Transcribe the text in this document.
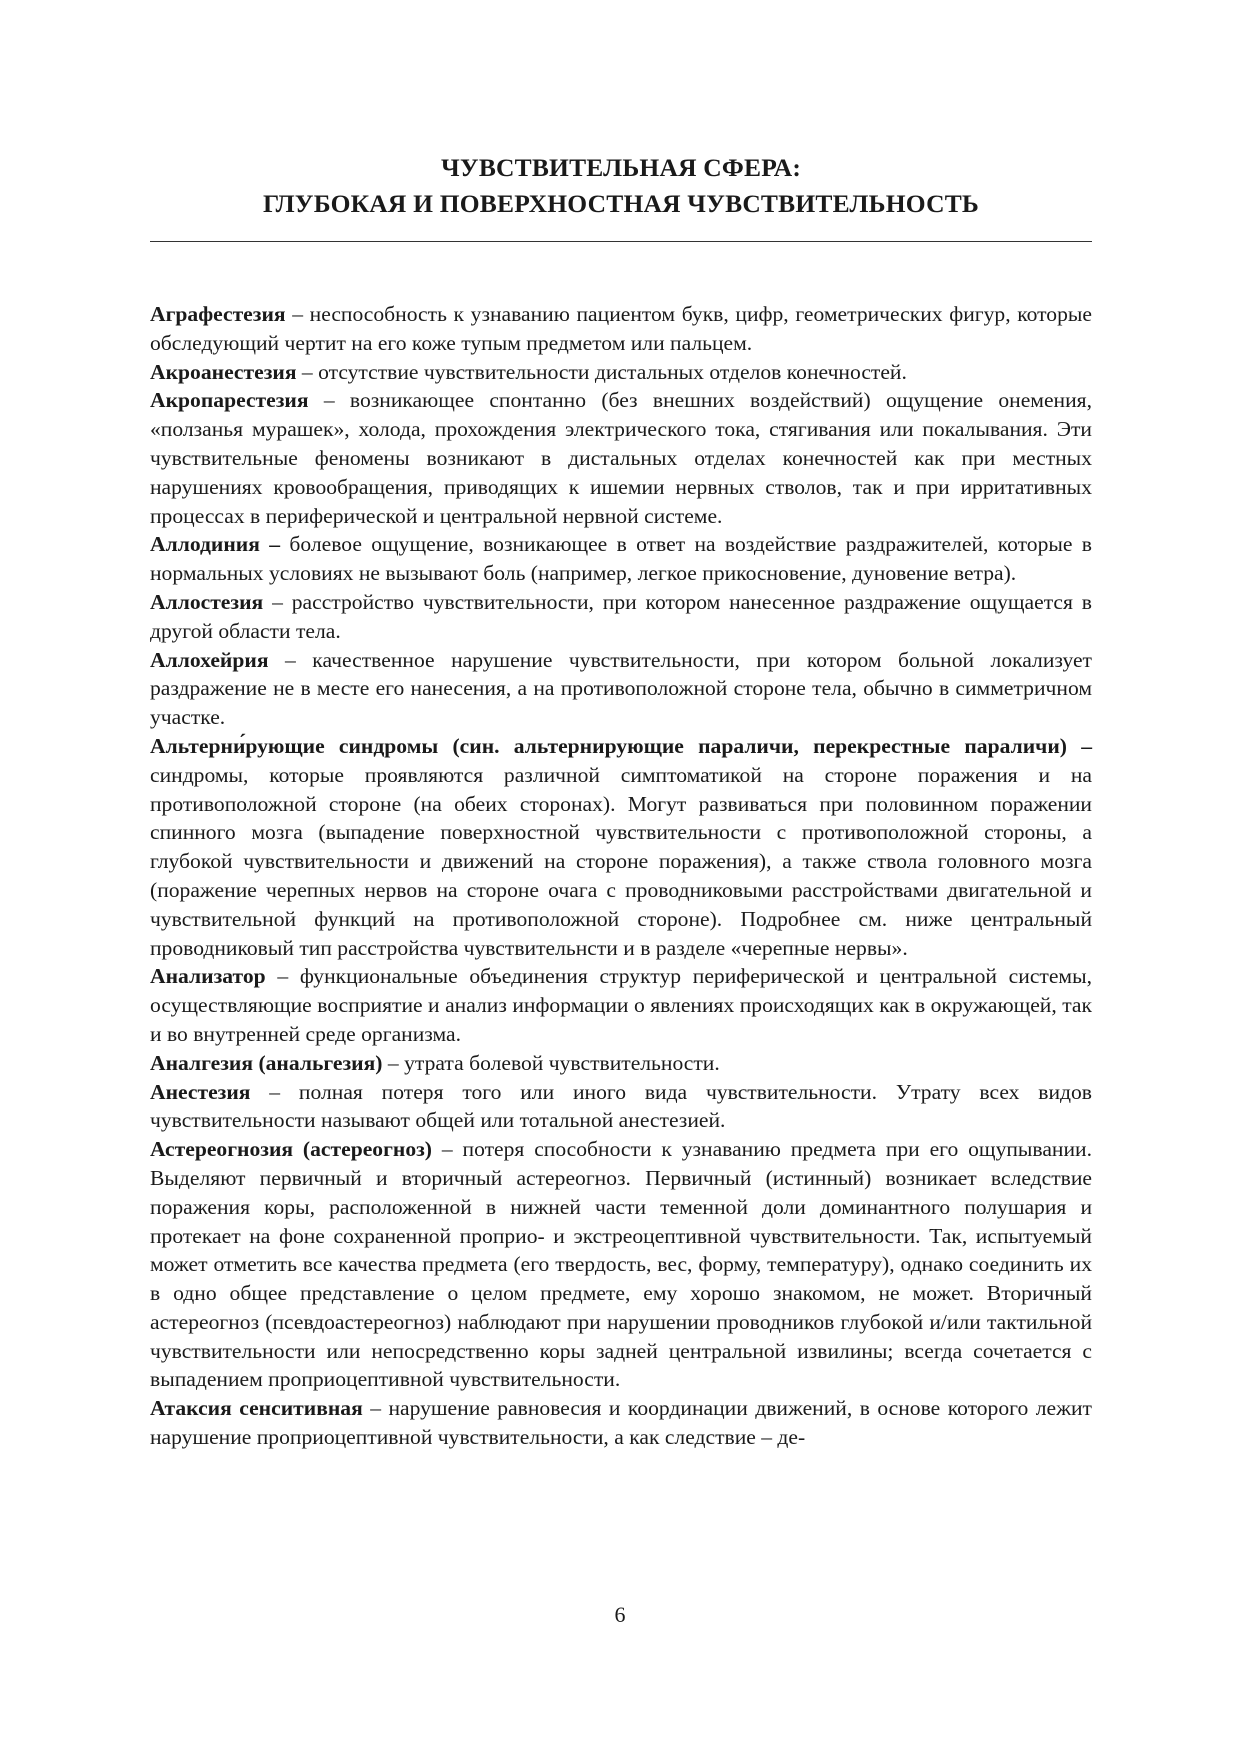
ЧУВСТВИТЕЛЬНАЯ СФЕРА:
ГЛУБОКАЯ И ПОВЕРХНОСТНАЯ ЧУВСТВИТЕЛЬНОСТЬ

Аграфестезия – неспособность к узнаванию пациентом букв, цифр, геометрических фигур, которые обследующий чертит на его коже тупым предметом или пальцем.

Акроанестезия – отсутствие чувствительности дистальных отделов конечностей.

Акропарестезия – возникающее спонтанно (без внешних воздействий) ощущение онемения, «ползанья мурашек», холода, прохождения электрического тока, стягивания или покалывания. Эти чувствительные феномены возникают в дистальных отделах конечностей как при местных нарушениях кровообращения, приводящих к ишемии нервных стволов, так и при ирритативных процессах в периферической и центральной нервной системе.

Аллодиния – болевое ощущение, возникающее в ответ на воздействие раздражителей, которые в нормальных условиях не вызывают боль (например, легкое прикосновение, дуновение ветра).

Аллостезия – расстройство чувствительности, при котором нанесенное раздражение ощущается в другой области тела.

Аллохейрия – качественное нарушение чувствительности, при котором больной локализует раздражение не в месте его нанесения, а на противоположной стороне тела, обычно в симметричном участке.

Альтерни́рующие синдромы (син. альтернирующие параличи, перекрестные параличи) – синдромы, которые проявляются различной симптоматикой на стороне поражения и на противоположной стороне (на обеих сторонах). Могут развиваться при половинном поражении спинного мозга (выпадение поверхностной чувствительности с противоположной стороны, а глубокой чувствительности и движений на стороне поражения), а также ствола головного мозга (поражение черепных нервов на стороне очага с проводниковыми расстройствами двигательной и чувствительной функций на противоположной стороне). Подробнее см. ниже центральный проводниковый тип расстройства чувствительнсти и в разделе «черепные нервы».

Анализатор – функциональные объединения структур периферической и центральной системы, осуществляющие восприятие и анализ информации о явлениях происходящих как в окружающей, так и во внутренней среде организма.

Аналгезия (анальгезия) – утрата болевой чувствительности.

Анестезия – полная потеря того или иного вида чувствительности. Утрату всех видов чувствительности называют общей или тотальной анестезией.

Астереогнозия (астереогноз) – потеря способности к узнаванию предмета при его ощупывании. Выделяют первичный и вторичный астереогноз. Первичный (истинный) возникает вследствие поражения коры, расположенной в нижней части теменной доли доминантного полушария и протекает на фоне сохраненной проприо- и экстреоцептивной чувствительности. Так, испытуемый может отметить все качества предмета (его твердость, вес, форму, температуру), однако соединить их в одно общее представление о целом предмете, ему хорошо знакомом, не может. Вторичный астереогноз (псевдоастереогноз) наблюдают при нарушении проводников глубокой и/или тактильной чувствительности или непосредственно коры задней центральной извилины; всегда сочетается с выпадением проприоцептивной чувствительности.

Атаксия сенситивная – нарушение равновесия и координации движений, в основе которого лежит нарушение проприоцептивной чувствительности, а как следствие – де-

6
